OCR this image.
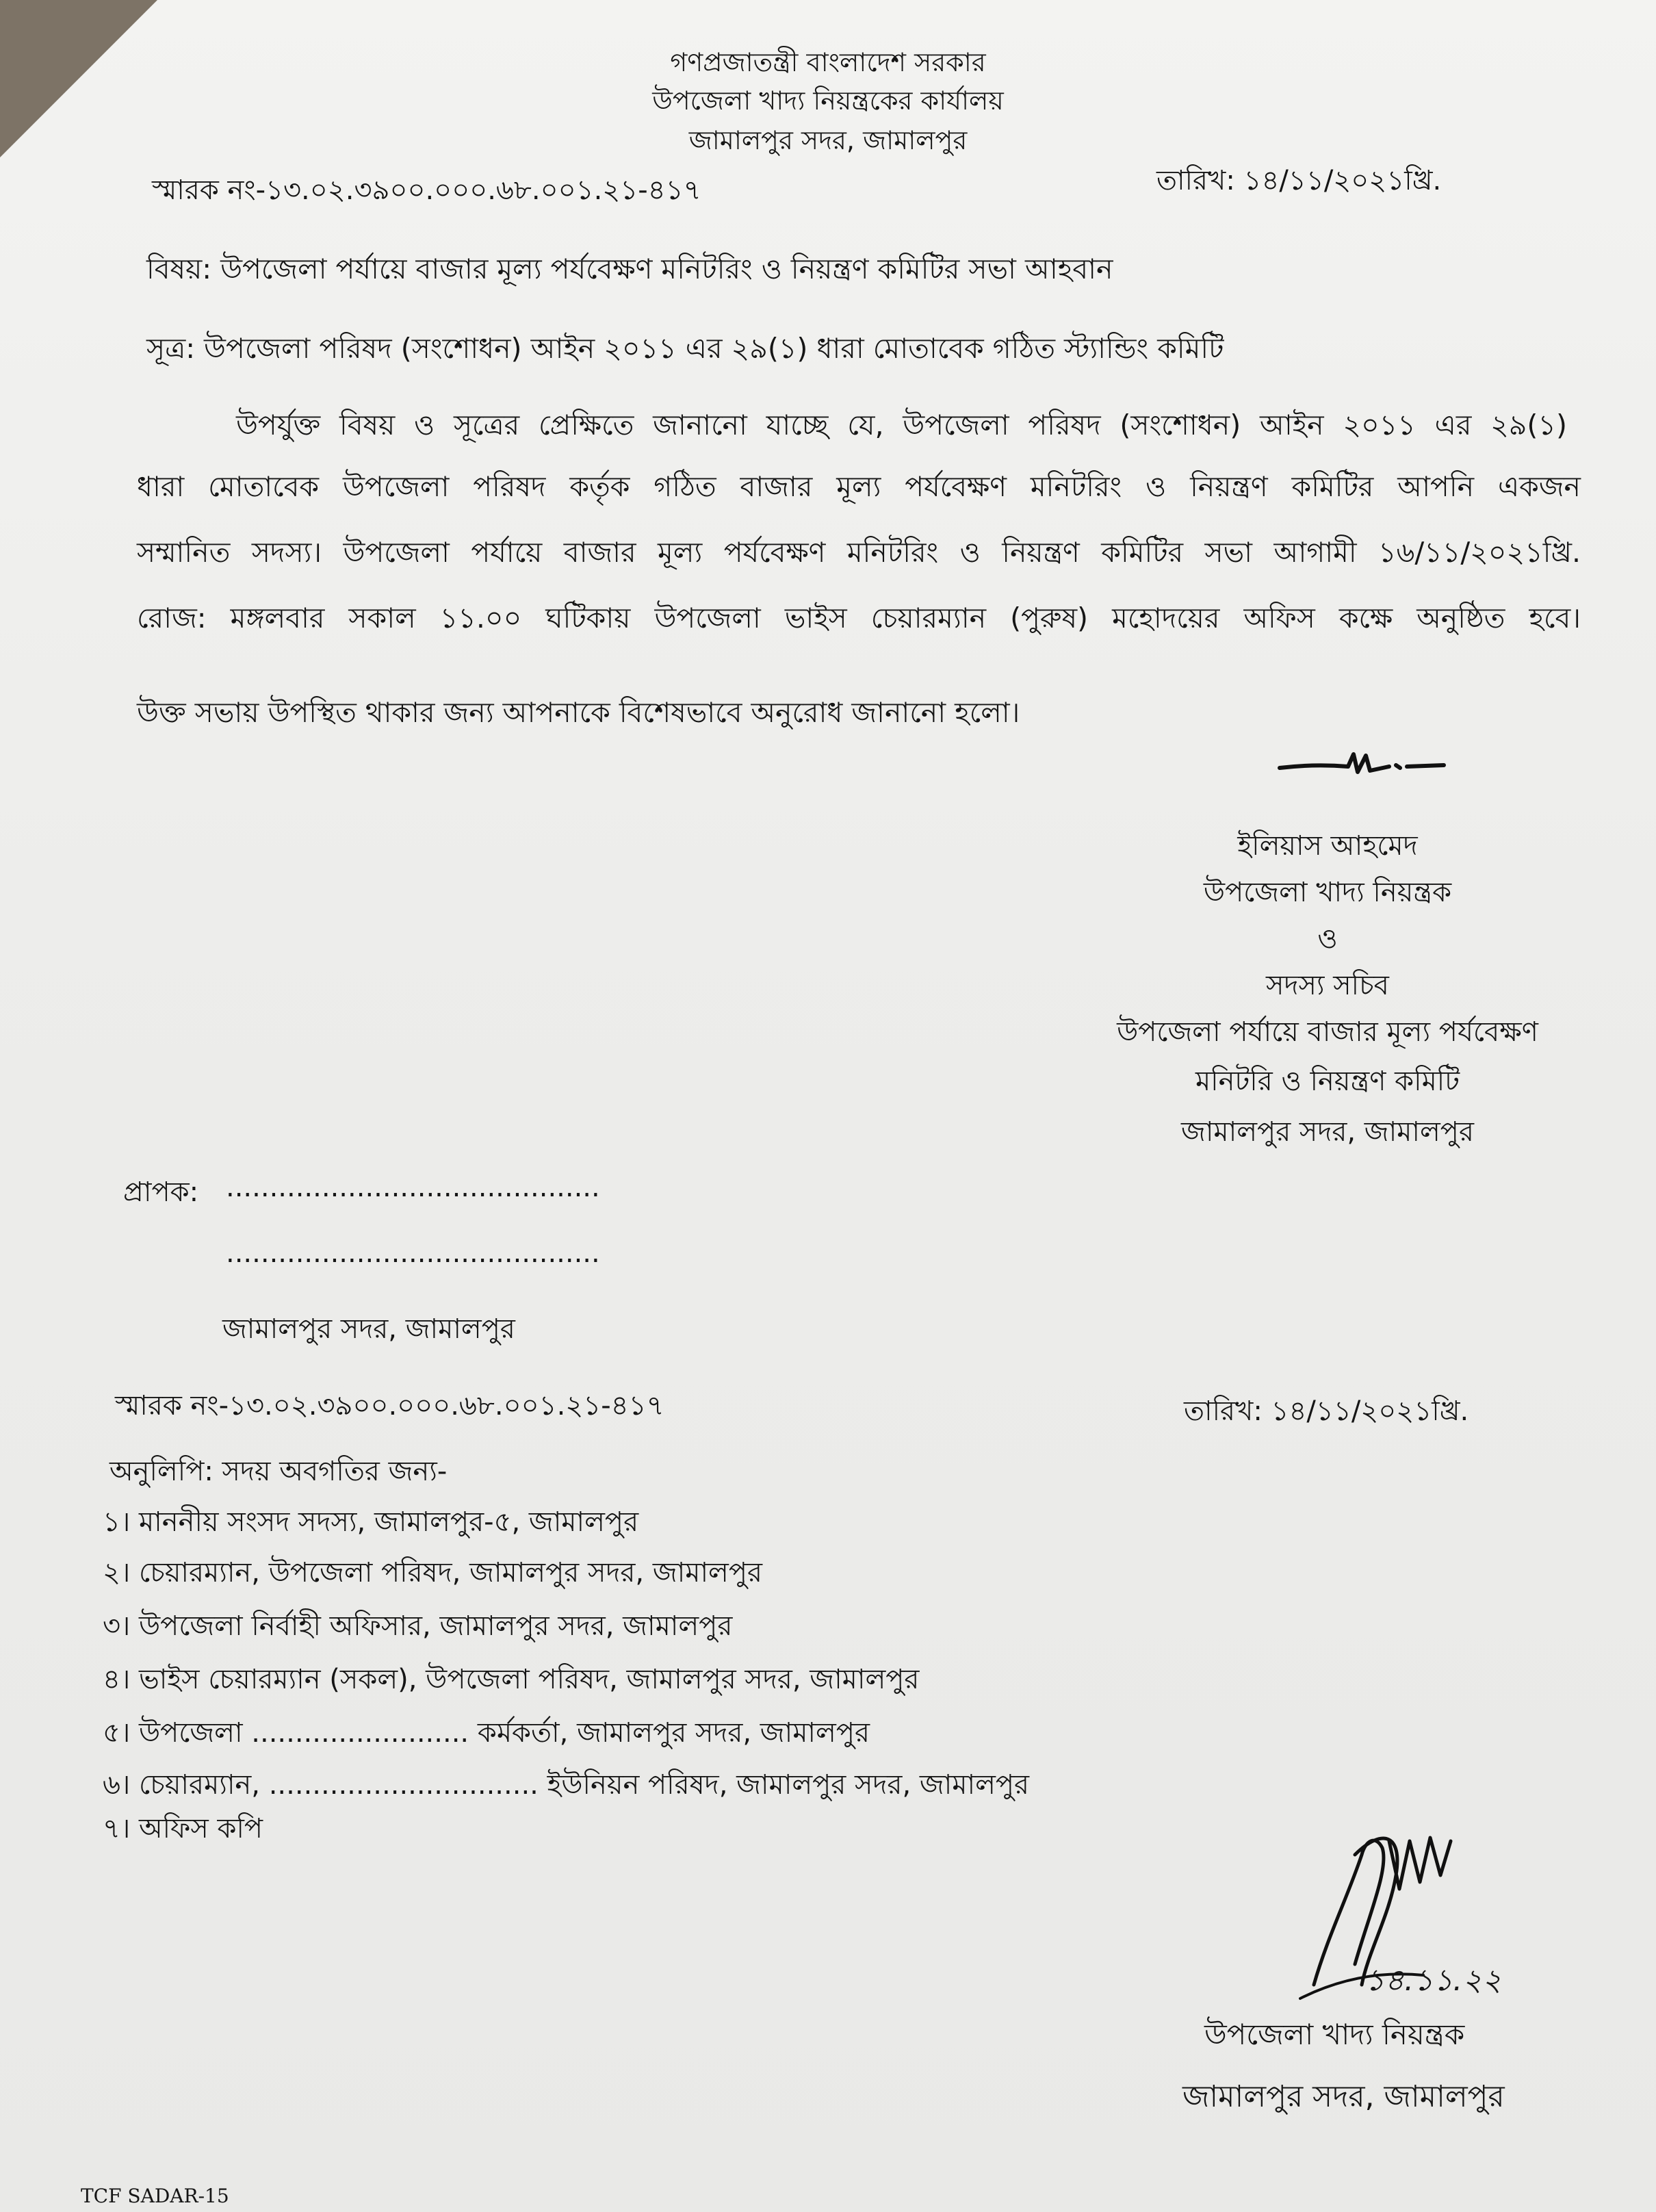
গণপ্রজাতন্ত্রী বাংলাদেশ সরকার
উপজেলা খাদ্য নিয়ন্ত্রকের কার্যালয়
জামালপুর সদর, জামালপুর
স্মারক নং-১৩.০২.৩৯০০.০০০.৬৮.০০১.২১-৪১৭	তারিখ: ১৪/১১/২০২১খ্রি.
বিষয়: উপজেলা পর্যায়ে বাজার মূল্য পর্যবেক্ষণ মনিটরিং ও নিয়ন্ত্রণ কমিটির সভা আহবান
সূত্র: উপজেলা পরিষদ (সংশোধন) আইন ২০১১ এর ২৯(১) ধারা মোতাবেক গঠিত স্ট্যান্ডিং কমিটি
উপর্যুক্ত বিষয় ও সূত্রের প্রেক্ষিতে জানানো যাচ্ছে যে, উপজেলা পরিষদ (সংশোধন) আইন ২০১১ এর ২৯(১)
ধারা মোতাবেক উপজেলা পরিষদ কর্তৃক গঠিত বাজার মূল্য পর্যবেক্ষণ মনিটরিং ও নিয়ন্ত্রণ কমিটির আপনি একজন
সম্মানিত সদস্য। উপজেলা পর্যায়ে বাজার মূল্য পর্যবেক্ষণ মনিটরিং ও নিয়ন্ত্রণ কমিটির সভা আগামী ১৬/১১/২০২১খ্রি.
রোজ: মঙ্গলবার সকাল ১১.০০ ঘটিকায় উপজেলা ভাইস চেয়ারম্যান (পুরুষ) মহোদয়ের অফিস কক্ষে অনুষ্ঠিত হবে।
উক্ত সভায় উপস্থিত থাকার জন্য আপনাকে বিশেষভাবে অনুরোধ জানানো হলো।
ইলিয়াস আহমেদ
উপজেলা খাদ্য নিয়ন্ত্রক
ও
সদস্য সচিব
উপজেলা পর্যায়ে বাজার মূল্য পর্যবেক্ষণ
মনিটরি ও নিয়ন্ত্রণ কমিটি
জামালপুর সদর, জামালপুর
প্রাপক: ...........................................
...........................................
জামালপুর সদর, জামালপুর
স্মারক নং-১৩.০২.৩৯০০.০০০.৬৮.০০১.২১-৪১৭	তারিখ: ১৪/১১/২০২১খ্রি.
অনুলিপি: সদয় অবগতির জন্য-
১। মাননীয় সংসদ সদস্য, জামালপুর-৫, জামালপুর
২। চেয়ারম্যান, উপজেলা পরিষদ, জামালপুর সদর, জামালপুর
৩। উপজেলা নির্বাহী অফিসার, জামালপুর সদর, জামালপুর
৪। ভাইস চেয়ারম্যান (সকল), উপজেলা পরিষদ, জামালপুর সদর, জামালপুর
৫। উপজেলা ......................... কর্মকর্তা, জামালপুর সদর, জামালপুর
৬। চেয়ারম্যান, ............................... ইউনিয়ন পরিষদ, জামালপুর সদর, জামালপুর
৭। অফিস কপি
১৪.১১.২২
উপজেলা খাদ্য নিয়ন্ত্রক
জামালপুর সদর, জামালপুর
TCF SADAR-15
